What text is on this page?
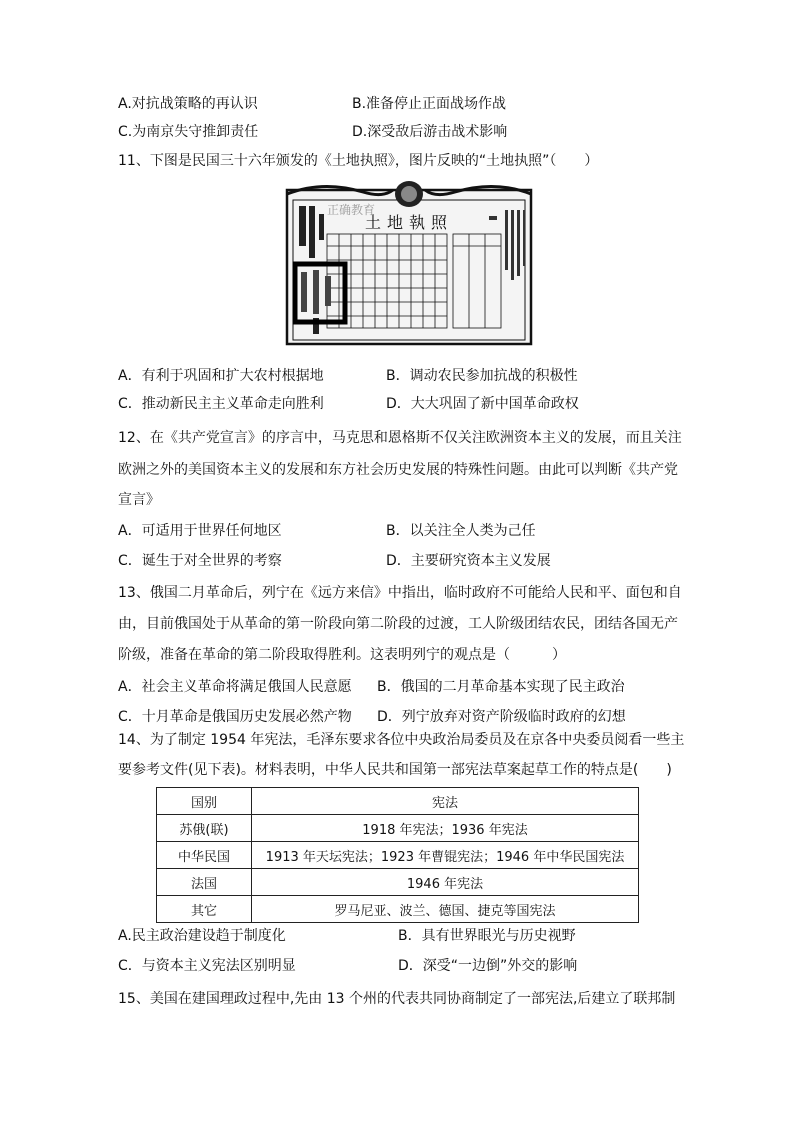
A.对抗战策略的再认识	B.准备停止正面战场作战
C.为南京失守推卸责任	D.深受敌后游击战术影响
11、下图是民国三十六年颁发的《土地执照》，图片反映的“土地执照”（　　）
土地執照
正确教育
A．有利于巩固和扩大农村根据地	B．调动农民参加抗战的积极性
C．推动新民主主义革命走向胜利	D．大大巩固了新中国革命政权
12、在《共产党宣言》的序言中，马克思和恩格斯不仅关注欧洲资本主义的发展，而且关注
欧洲之外的美国资本主义的发展和东方社会历史发展的特殊性问题。由此可以判断《共产党
宣言》
A．可适用于世界任何地区	B．以关注全人类为己任
C．诞生于对全世界的考察	D．主要研究资本主义发展
13、俄国二月革命后，列宁在《远方来信》中指出，临时政府不可能给人民和平、面包和自
由，目前俄国处于从革命的第一阶段向第二阶段的过渡，工人阶级团结农民，团结各国无产
阶级，准备在革命的第二阶段取得胜利。这表明列宁的观点是（　　　）
A．社会主义革命将满足俄国人民意愿 B．俄国的二月革命基本实现了民主政治
C．十月革命是俄国历史发展必然产物 D．列宁放弃对资产阶级临时政府的幻想
14、为了制定 1954 年宪法，毛泽东要求各位中央政治局委员及在京各中央委员阅看一些主
要参考文件(见下表)。材料表明，中华人民共和国第一部宪法草案起草工作的特点是(　　)
国别	宪法
苏俄(联)	1918 年宪法；1936 年宪法
中华民国	1913 年天坛宪法；1923 年曹锟宪法；1946 年中华民国宪法
法国	1946 年宪法
其它	罗马尼亚、波兰、德国、捷克等国宪法
A.民主政治建设趋于制度化	B．具有世界眼光与历史视野
C．与资本主义宪法区别明显	D．深受“一边倒”外交的影响
15、美国在建国理政过程中,先由 13 个州的代表共同协商制定了一部宪法,后建立了联邦制
